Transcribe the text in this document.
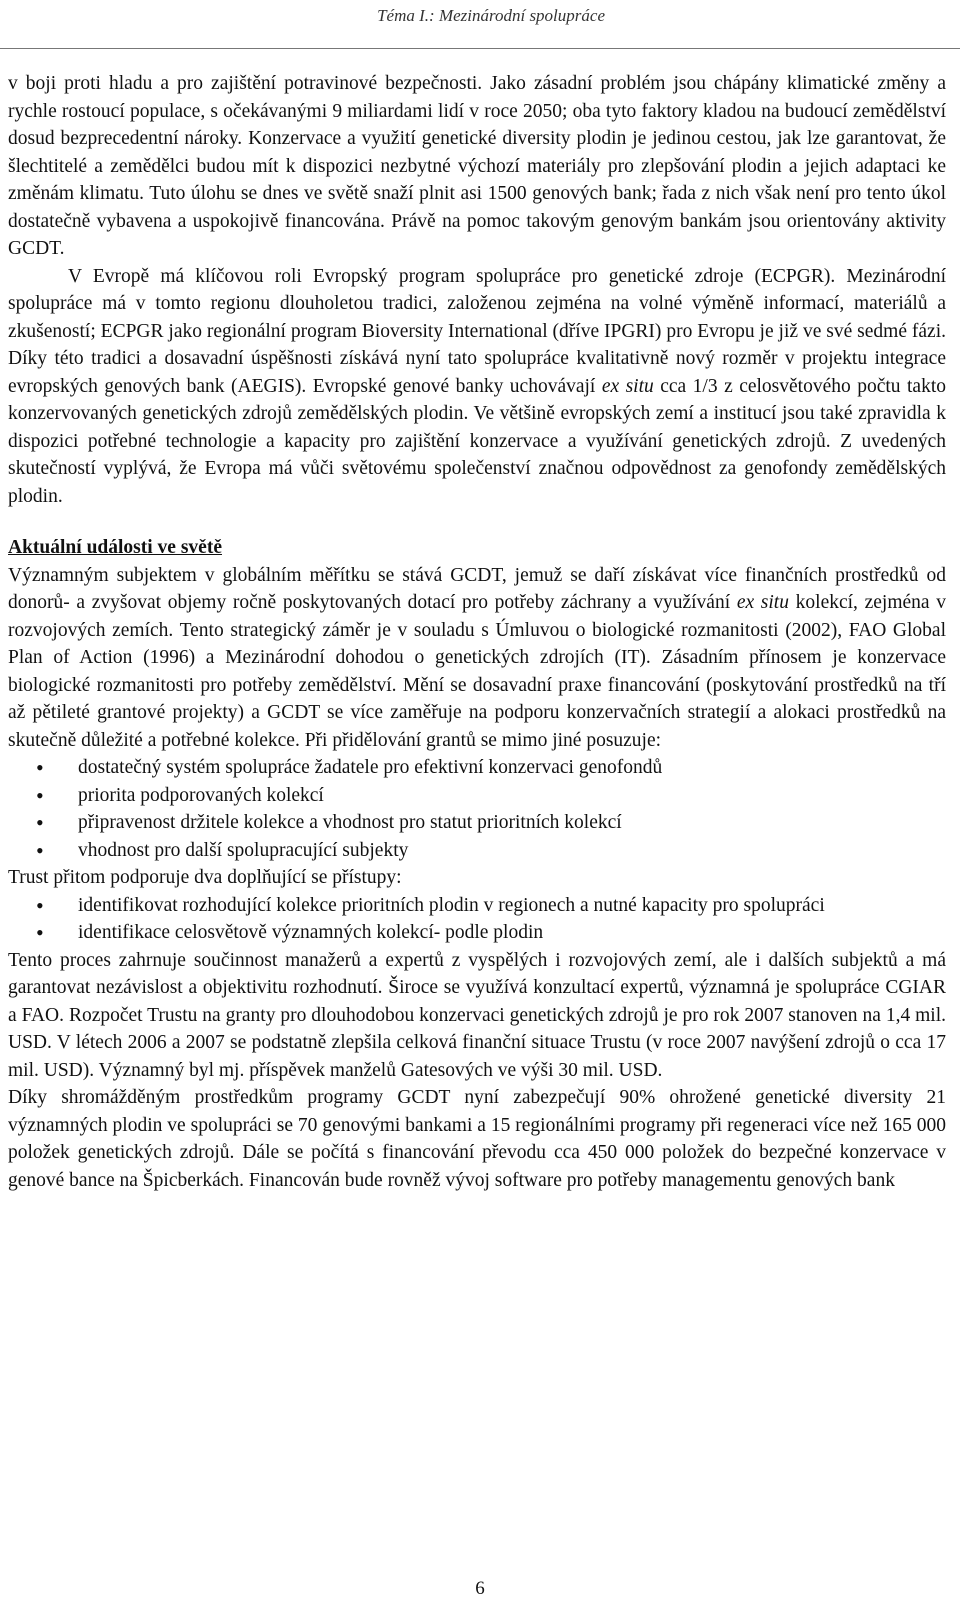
Téma I.: Mezinárodní spolupráce

v boji proti hladu a pro zajištění potravinové bezpečnosti. Jako zásadní problém jsou chápány klimatické změny a rychle rostoucí populace, s očekávanými 9 miliardami lidí v roce 2050; oba tyto faktory kladou na budoucí zemědělství dosud bezprecedentní nároky. Konzervace a využití genetické diversity plodin je jedinou cestou, jak lze garantovat, že šlechtitelé a zemědělci budou mít k dispozici nezbytné výchozí materiály pro zlepšování plodin a jejich adaptaci ke změnám klimatu. Tuto úlohu se dnes ve světě snaží plnit asi 1500 genových bank; řada z nich však není pro tento úkol dostatečně vybavena a uspokojivě financována. Právě na pomoc takovým genovým bankám jsou orientovány aktivity GCDT.

V Evropě má klíčovou roli Evropský program spolupráce pro genetické zdroje (ECPGR). Mezinárodní spolupráce má v tomto regionu dlouholetou tradici, založenou zejména na volné výměně informací, materiálů a zkušeností; ECPGR jako regionální program Bioversity International (dříve IPGRI) pro Evropu je již ve své sedmé fázi. Díky této tradici a dosavadní úspěšnosti získává nyní tato spolupráce kvalitativně nový rozměr v projektu integrace evropských genových bank (AEGIS). Evropské genové banky uchovávají ex situ cca 1/3 z celosvětového počtu takto konzervovaných genetických zdrojů zemědělských plodin. Ve většině evropských zemí a institucí jsou také zpravidla k dispozici potřebné technologie a kapacity pro zajištění konzervace a využívání genetických zdrojů. Z uvedených skutečností vyplývá, že Evropa má vůči světovému společenství značnou odpovědnost za genofondy zemědělských plodin.

Aktuální události ve světě

Významným subjektem v globálním měřítku se stává GCDT, jemuž se daří získávat více finančních prostředků od donorů- a zvyšovat objemy ročně poskytovaných dotací pro potřeby záchrany a využívání ex situ kolekcí, zejména v rozvojových zemích. Tento strategický záměr je v souladu s Úmluvou o biologické rozmanitosti (2002), FAO Global Plan of Action (1996) a Mezinárodní dohodou o genetických zdrojích (IT). Zásadním přínosem je konzervace biologické rozmanitosti pro potřeby zemědělství. Mění se dosavadní praxe financování (poskytování prostředků na tří až pětileté grantové projekty) a GCDT se více zaměřuje na podporu konzervačních strategií a alokaci prostředků na skutečně důležité a potřebné kolekce. Při přidělování grantů se mimo jiné posuzuje:

• dostatečný systém spolupráce žadatele pro efektivní konzervaci genofondů
• priorita podporovaných kolekcí
• připravenost držitele kolekce a vhodnost pro statut prioritních kolekcí
• vhodnost pro další spolupracující subjekty

Trust přitom podporuje dva doplňující se přístupy:

• identifikovat rozhodující kolekce prioritních plodin v regionech a nutné kapacity pro spolupráci
• identifikace celosvětově významných kolekcí- podle plodin

Tento proces zahrnuje součinnost manažerů a expertů z vyspělých i rozvojových zemí, ale i dalších subjektů a má garantovat nezávislost a objektivitu rozhodnutí. Široce se využívá konzultací expertů, významná je spolupráce CGIAR a FAO. Rozpočet Trustu na granty pro dlouhodobou konzervaci genetických zdrojů je pro rok 2007 stanoven na 1,4 mil. USD. V létech 2006 a 2007 se podstatně zlepšila celková finanční situace Trustu (v roce 2007 navýšení zdrojů o cca 17 mil. USD). Významný byl mj. příspěvek manželů Gatesových ve výši 30 mil. USD.

Díky shromážděným prostředkům programy GCDT nyní zabezpečují 90% ohrožené genetické diversity 21 významných plodin ve spolupráci se 70 genovými bankami a 15 regionálními programy při regeneraci více než 165 000 položek genetických zdrojů. Dále se počítá s financování převodu cca 450 000 položek do bezpečné konzervace v genové bance na Špicberkách. Financován bude rovněž vývoj software pro potřeby managementu genových bank

6
